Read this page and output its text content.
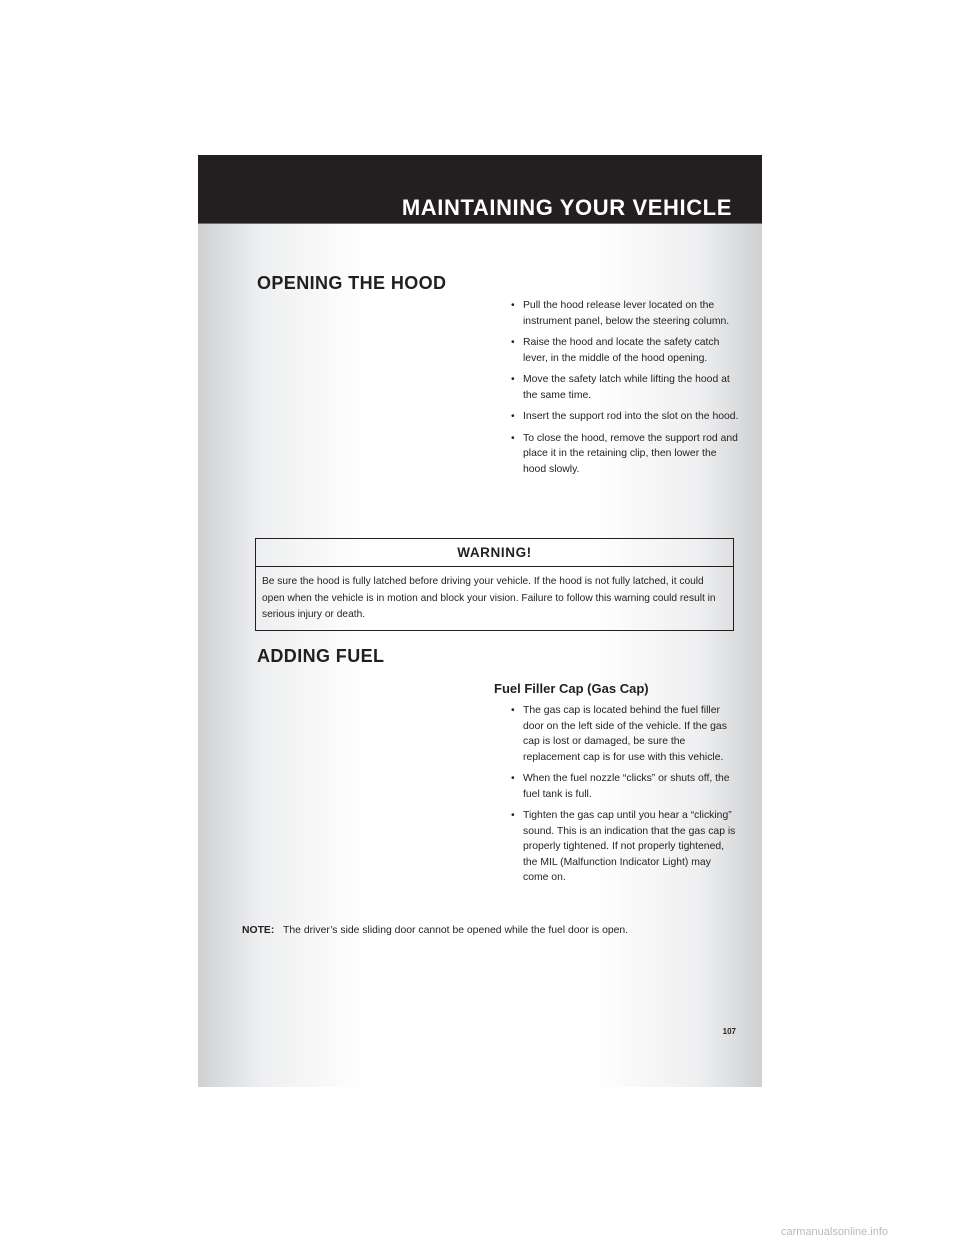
MAINTAINING YOUR VEHICLE
OPENING THE HOOD
• Pull the hood release lever located on the instrument panel, below the steering column.
• Raise the hood and locate the safety catch lever, in the middle of the hood opening.
• Move the safety latch while lifting the hood at the same time.
• Insert the support rod into the slot on the hood.
• To close the hood, remove the support rod and place it in the retaining clip, then lower the hood slowly.
WARNING!
Be sure the hood is fully latched before driving your vehicle. If the hood is not fully latched, it could open when the vehicle is in motion and block your vision. Failure to follow this warning could result in serious injury or death.
ADDING FUEL
Fuel Filler Cap (Gas Cap)
• The gas cap is located behind the fuel filler door on the left side of the vehicle. If the gas cap is lost or damaged, be sure the replacement cap is for use with this vehicle.
• When the fuel nozzle “clicks” or shuts off, the fuel tank is full.
• Tighten the gas cap until you hear a “clicking” sound. This is an indication that the gas cap is properly tightened. If not properly tightened, the MIL (Malfunction Indicator Light) may come on.
NOTE: The driver’s side sliding door cannot be opened while the fuel door is open.
107
carmanualsonline.info
